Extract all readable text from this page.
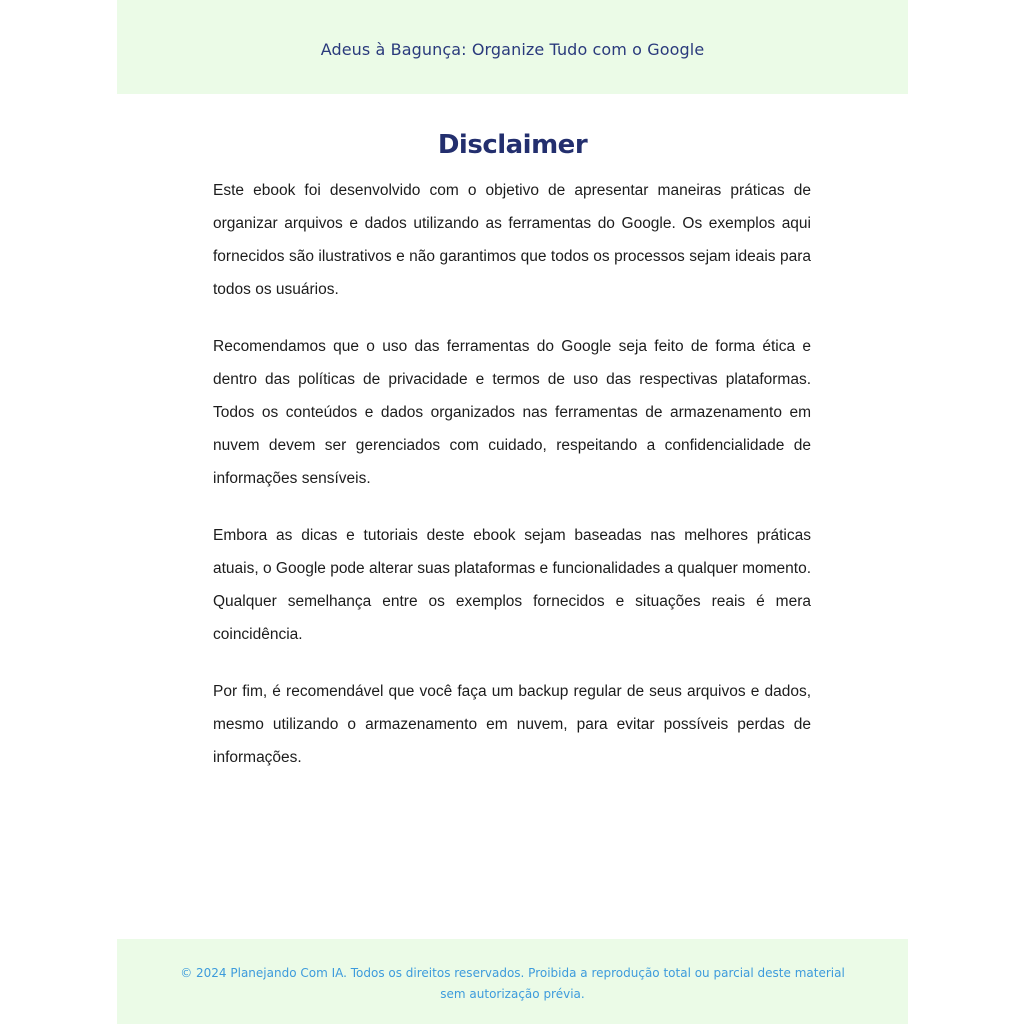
Adeus à Bagunça: Organize Tudo com o Google
Disclaimer

Este ebook foi desenvolvido com o objetivo de apresentar maneiras práticas de organizar arquivos e dados utilizando as ferramentas do Google. Os exemplos aqui fornecidos são ilustrativos e não garantimos que todos os processos sejam ideais para todos os usuários.

Recomendamos que o uso das ferramentas do Google seja feito de forma ética e dentro das políticas de privacidade e termos de uso das respectivas plataformas. Todos os conteúdos e dados organizados nas ferramentas de armazenamento em nuvem devem ser gerenciados com cuidado, respeitando a confidencialidade de informações sensíveis.

Embora as dicas e tutoriais deste ebook sejam baseadas nas melhores práticas atuais, o Google pode alterar suas plataformas e funcionalidades a qualquer momento. Qualquer semelhança entre os exemplos fornecidos e situações reais é mera coincidência.

Por fim, é recomendável que você faça um backup regular de seus arquivos e dados, mesmo utilizando o armazenamento em nuvem, para evitar possíveis perdas de informações.

© 2024 Planejando Com IA. Todos os direitos reservados. Proibida a reprodução total ou parcial deste material sem autorização prévia.
